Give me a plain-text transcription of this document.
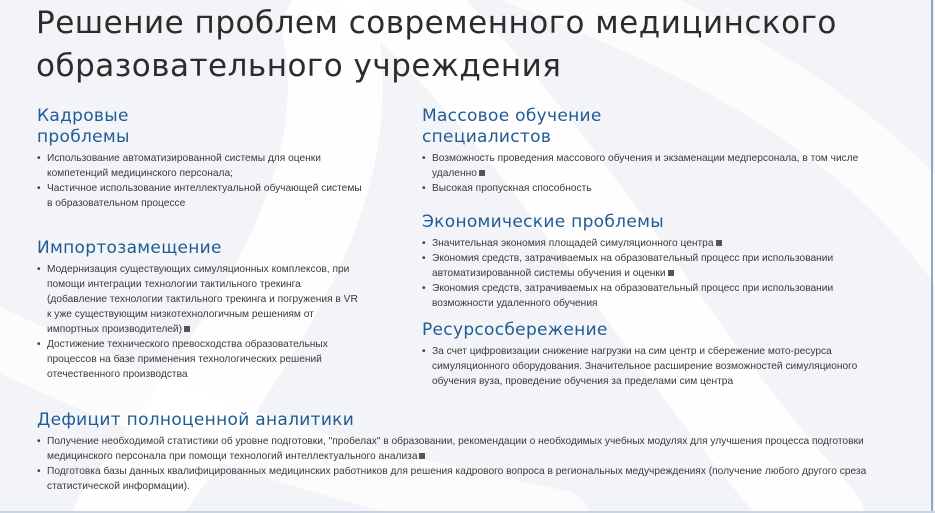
Решение проблем современного медицинского образовательного учреждения
Кадровые проблемы
• Использование автоматизированной системы для оценки компетенций медицинского персонала;
• Частичное использование интеллектуальной обучающей системы в образовательном процессе
Импортозамещение
• Модернизация существующих симуляционных комплексов, при помощи интеграции технологии тактильного трекинга (добавление технологии тактильного трекинга и погружения в VR к уже существующим низкотехнологичным решениям от импортных производителей)
• Достижение технического превосходства образовательных процессов на базе применения технологических решений отечественного производства
Массовое обучение специалистов
• Возможность проведения массового обучения и экзаменации медперсонала, в том числе удаленно
• Высокая пропускная способность
Экономические проблемы
• Значительная экономия площадей симуляционного центра
• Экономия средств, затрачиваемых на образовательный процесс при использовании автоматизированной системы обучения и оценки
• Экономия средств, затрачиваемых на образовательный процесс при использовании возможности удаленного обучения
Ресурсосбережение
• За счет цифровизации снижение нагрузки на сим центр и сбережение мото-ресурса симуляционного оборудования. Значительное расширение возможностей симуляционого обучения вуза, проведение обучения за пределами сим центра
Дефицит полноценной аналитики
• Получение необходимой статистики об уровне подготовки, "пробелах" в образовании, рекомендации о необходимых учебных модулях для улучшения процесса подготовки медицинского персонала при помощи технологий интеллектуального анализа
• Подготовка базы данных квалифицированных медицинских работников для решения кадрового вопроса в региональных медучреждениях (получение любого другого среза статистической информации).
